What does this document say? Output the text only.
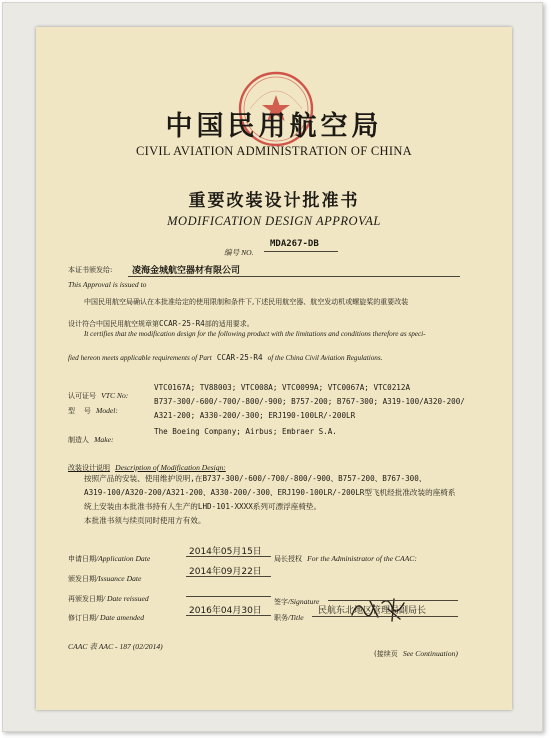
中国民用航空局
CIVIL AVIATION ADMINISTRATION OF CHINA
重要改装设计批准书
MODIFICATION DESIGN APPROVAL
编号 NO.
MDA267-DB
本证书颁发给: 凌海金城航空器材有限公司
This Approval is issued to
中国民用航空局确认在本批准给定的使用限制和条件下,下述民用航空器、航空发动机或螺旋桨的重要改装
设计符合中国民用航空规章第CCAR-25-R4部的适用要求。
It certifies that the modification design for the following product with the limitations and conditions therefore as speci-
fied hereon meets applicable requirements of Part CCAR-25-R4 of the China Civil Aviation Regulations.
认可证号 VTC No:
VTC0167A; TV88003; VTC008A; VTC0099A; VTC0067A; VTC0212A
型    号 Model:
B737-300/-600/-700/-800/-900; B757-200; B767-300; A319-100/A320-200/
A321-200; A330-200/-300; ERJ190-100LR/-200LR
制造人 Make:
The Boeing Company; Airbus; Embraer S.A.
改装设计说明 Description of Modification Design:
按照产品的安装、使用维护说明,在B737-300/-600/-700/-800/-900、B757-200、B767-300、
A319-100/A320-200/A321-200、A330-200/-300、ERJ190-100LR/-200LR型飞机经批准改装的座椅系
统上安装由本批准书持有人生产的LHD-101-XXXX系列可漂浮座椅垫。
本批准书须与续页同时使用方有效。
申请日期/Application Date
2014年05月15日
颁发日期/Issuance Date
2014年09月22日
再颁发日期/ Date reissued
修订日期/ Date amended
2016年04月30日
局长授权 For the Administrator of the CAAC:
签字/Signature
职务/Title
民航东北地区管理局副局长
CAAC 表 AAC - 187 (02/2014)
(接续页 See Continuation)
